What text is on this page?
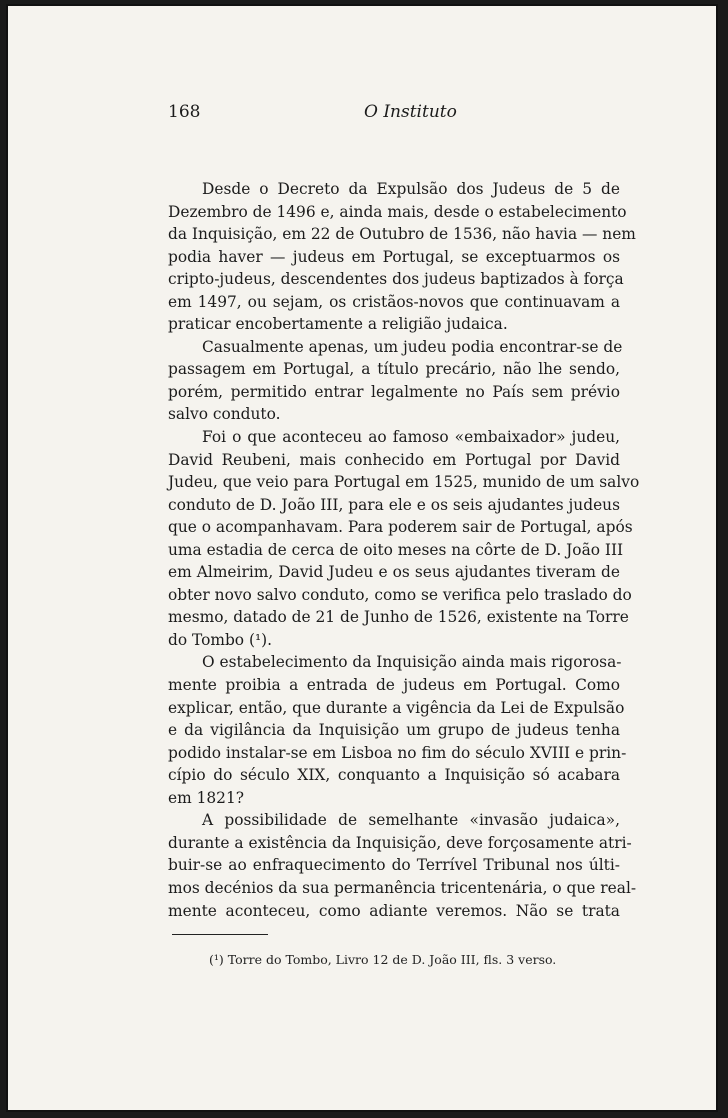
168	O Instituto
Desde o Decreto da Expulsão dos Judeus de 5 de
Dezembro de 1496 e, ainda mais, desde o estabelecimento
da Inquisição, em 22 de Outubro de 1536, não havia — nem
podia haver — judeus em Portugal, se exceptuarmos os
cripto-judeus, descendentes dos judeus baptizados à força
em 1497, ou sejam, os cristãos-novos que continuavam a
praticar encobertamente a religião judaica.
Casualmente apenas, um judeu podia encontrar-se de
passagem em Portugal, a título precário, não lhe sendo,
porém, permitido entrar legalmente no País sem prévio
salvo conduto.
Foi o que aconteceu ao famoso «embaixador» judeu,
David Reubeni, mais conhecido em Portugal por David
Judeu, que veio para Portugal em 1525, munido de um salvo
conduto de D. João III, para ele e os seis ajudantes judeus
que o acompanhavam. Para poderem sair de Portugal, após
uma estadia de cerca de oito meses na côrte de D. João III
em Almeirim, David Judeu e os seus ajudantes tiveram de
obter novo salvo conduto, como se verifica pelo traslado do
mesmo, datado de 21 de Junho de 1526, existente na Torre
do Tombo (¹).
O estabelecimento da Inquisição ainda mais rigorosa-
mente proibia a entrada de judeus em Portugal. Como
explicar, então, que durante a vigência da Lei de Expulsão
e da vigilância da Inquisição um grupo de judeus tenha
podido instalar-se em Lisboa no fim do século XVIII e prin-
cípio do século XIX, conquanto a Inquisição só acabara
em 1821?
A possibilidade de semelhante «invasão judaica»,
durante a existência da Inquisição, deve forçosamente atri-
buir-se ao enfraquecimento do Terrível Tribunal nos últi-
mos decénios da sua permanência tricentenária, o que real-
mente aconteceu, como adiante veremos. Não se trata
(¹) Torre do Tombo, Livro 12 de D. João III, fls. 3 verso.
